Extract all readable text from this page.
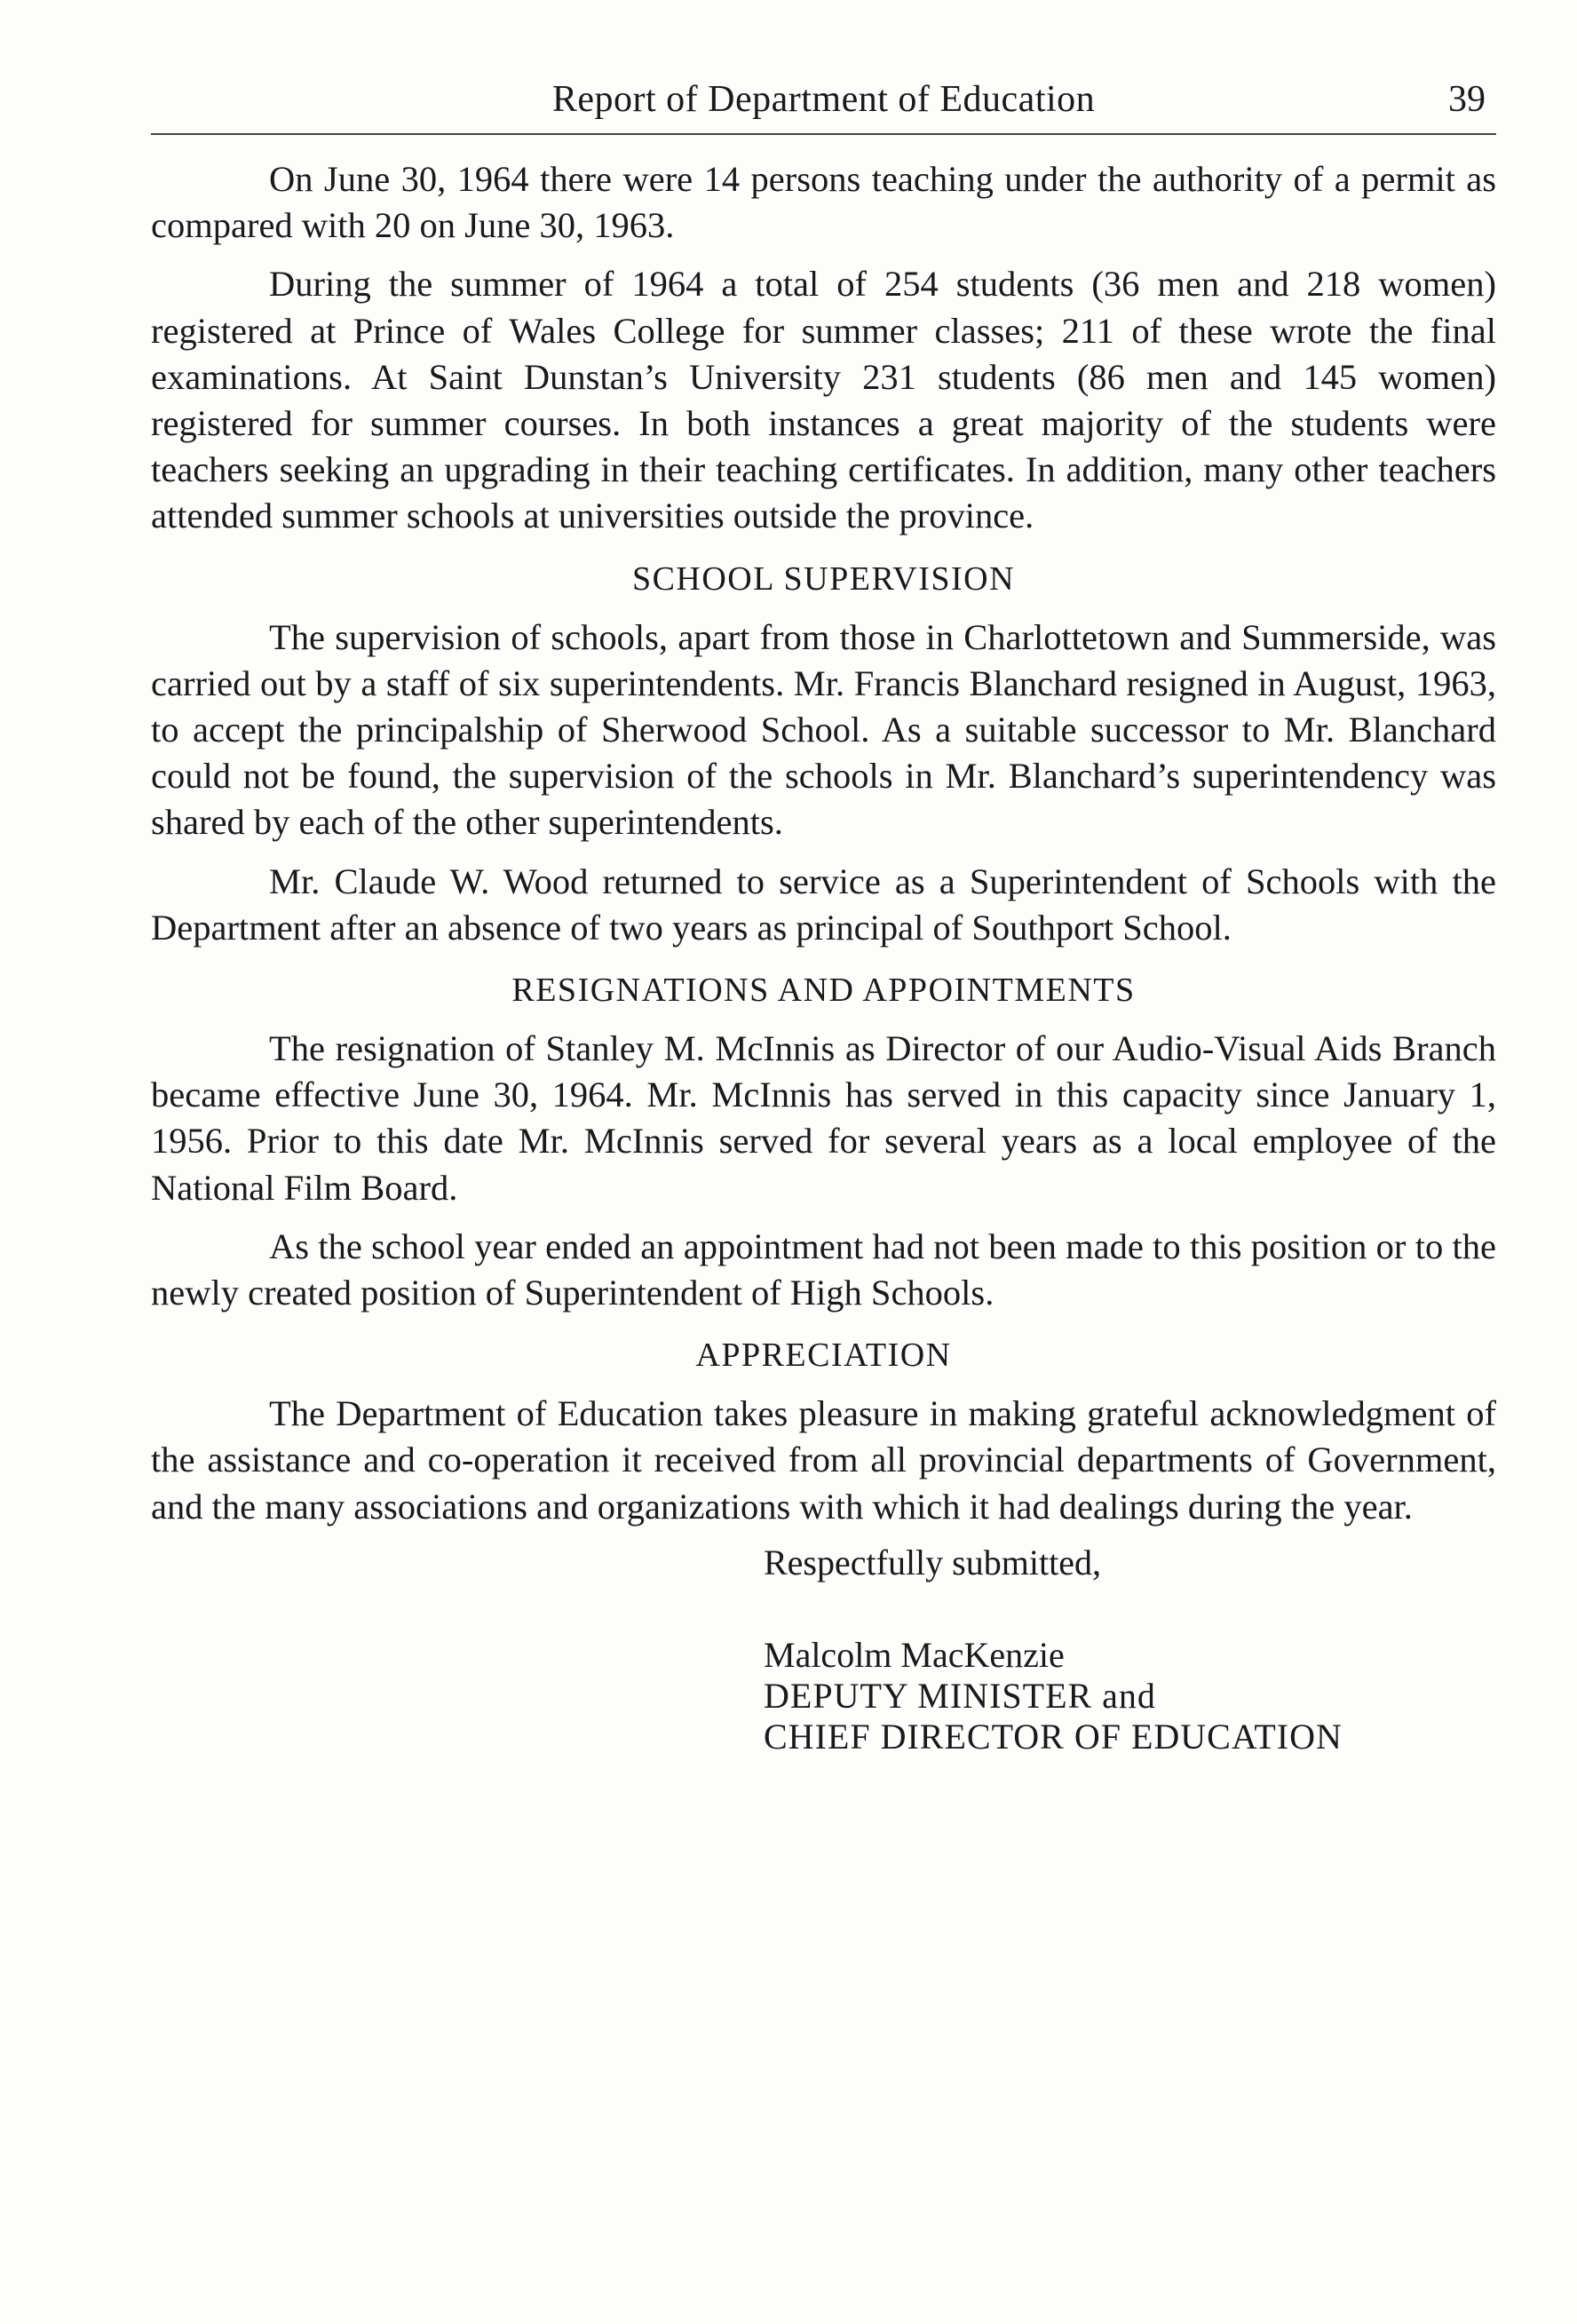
Report of Department of Education	39

On June 30, 1964 there were 14 persons teaching under the authority of a permit as compared with 20 on June 30, 1963.

During the summer of 1964 a total of 254 students (36 men and 218 women) registered at Prince of Wales College for summer classes; 211 of these wrote the final examinations. At Saint Dunstan’s University 231 students (86 men and 145 women) registered for summer courses. In both instances a great majority of the students were teachers seeking an upgrading in their teaching certificates. In addition, many other teachers attended summer schools at universities outside the province.

SCHOOL SUPERVISION

The supervision of schools, apart from those in Charlottetown and Summerside, was carried out by a staff of six superintendents. Mr. Francis Blanchard resigned in August, 1963, to accept the principalship of Sherwood School. As a suitable successor to Mr. Blanchard could not be found, the supervision of the schools in Mr. Blanchard’s superintendency was shared by each of the other superintendents.

Mr. Claude W. Wood returned to service as a Superintendent of Schools with the Department after an absence of two years as principal of Southport School.

RESIGNATIONS AND APPOINTMENTS

The resignation of Stanley M. McInnis as Director of our Audio-Visual Aids Branch became effective June 30, 1964. Mr. McInnis has served in this capacity since January 1, 1956. Prior to this date Mr. McInnis served for several years as a local employee of the National Film Board.

As the school year ended an appointment had not been made to this position or to the newly created position of Superintendent of High Schools.

APPRECIATION

The Department of Education takes pleasure in making grateful acknowledgment of the assistance and co-operation it received from all provincial departments of Government, and the many associations and organizations with which it had dealings during the year.

Respectfully submitted,
Malcolm MacKenzie
DEPUTY MINISTER and
CHIEF DIRECTOR OF EDUCATION
